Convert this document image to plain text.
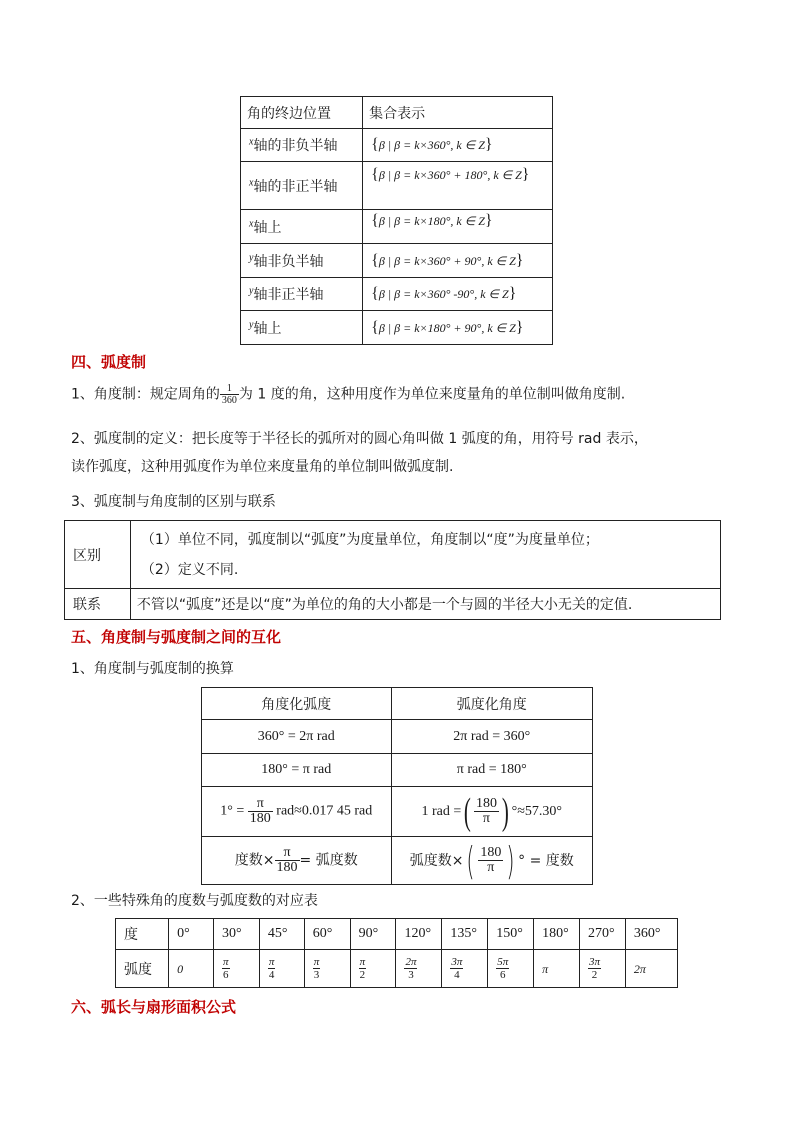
角的终边位置	集合表示
$^x$轴的非负半轴	{β | β = k×360°, k ∈ Z}
$^x$轴的非正半轴	{β | β = k×360° + 180°, k ∈ Z}
$^x$轴上	{β | β = k×180°, k ∈ Z}
$^y$轴非负半轴	{β | β = k×360° + 90°, k ∈ Z}
$^y$轴非正半轴	{β | β = k×360° -90°, k ∈ Z}
$^y$轴上	{β | β = k×180° + 90°, k ∈ Z}
四、弧度制
1、角度制：规定周角的 $\frac{1}{360}$ 为 1 度的角，这种用度作为单位来度量角的单位制叫做角度制.
2、弧度制的定义：把长度等于半径长的弧所对的圆心角叫做 1 弧度的角，用符号 rad 表示，
读作弧度，这种用弧度作为单位来度量角的单位制叫做弧度制.
3、弧度制与角度制的区别与联系
区别	（1）单位不同，弧度制以“弧度”为度量单位，角度制以“度”为度量单位；
（2）定义不同.

联系	不管以“弧度”还是以“度”为单位的角的大小都是一个与圆的半径大小无关的定值.
五、角度制与弧度制之间的互化
1、角度制与弧度制的换算
角度化弧度	弧度化角度
360° = 2π rad	2π rad = 360°
180° = π rad	π rad = 180°
$1^\circ = \frac{\pi}{180} rad\approx 0.017$ 45 rad	1 rad =( $\frac{180}{\pi}$ ) °≈57.30°
度数× $\frac{\pi}{180}$ = 弧度数	弧度数×( $\frac{180}{\pi}$ ) ° = 度数
2、一些特殊角的度数与弧度数的对应表
度	0°	30°	45°	60°	90°	120°	135°	150°	180°	270°	360°
弧度	0	$\frac{\pi}{6}$	$\frac{\pi}{4}$	$\frac{\pi}{3}$	$\frac{\pi}{2}$	$\frac{2\pi}{3}$	$\frac{3\pi}{4}$	$\frac{5\pi}{6}$	π	$\frac{3\pi}{2}$	2π
六、弧长与扇形面积公式
